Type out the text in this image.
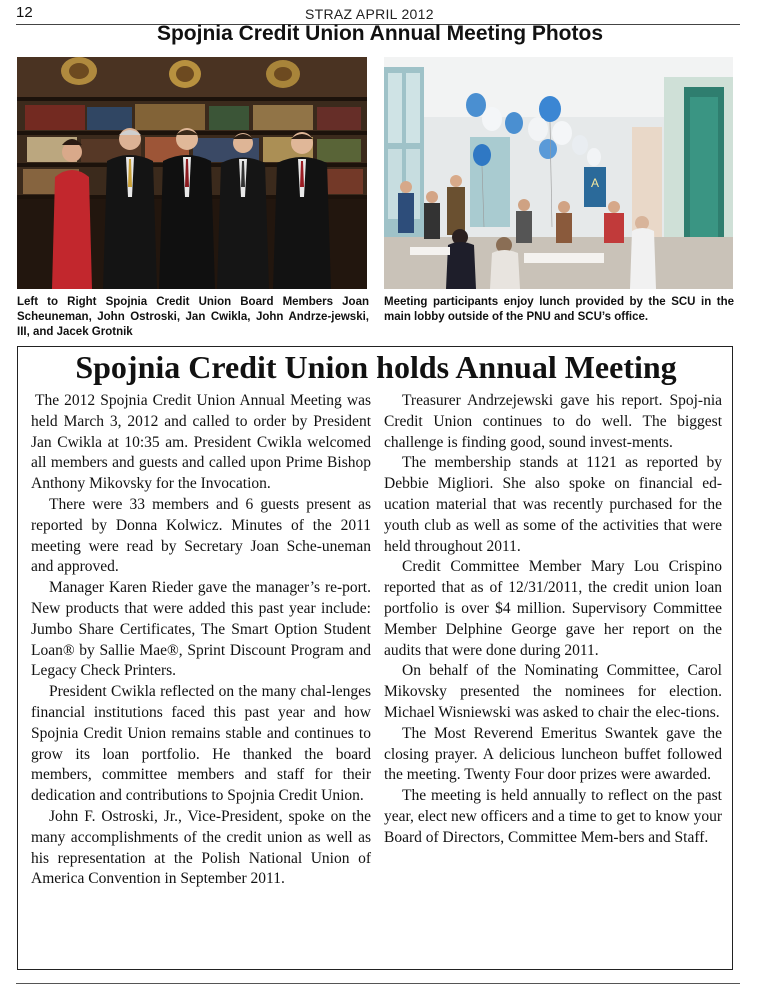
12	STRAZ APRIL 2012
Spojnia Credit Union Annual Meeting Photos
A
Left to Right Spojnia Credit Union Board Members Joan Scheuneman, John Ostroski, Jan Cwikla, John Andrze-jewski, III, and Jacek Grotnik
Meeting participants enjoy lunch provided by the SCU in the main lobby outside of the PNU and SCU’s office.
Spojnia Credit Union holds Annual Meeting

The 2012 Spojnia Credit Union Annual Meeting was held March 3, 2012 and called to order by President Jan Cwikla at 10:35 am. President Cwikla welcomed all members and guests and called upon Prime Bishop Anthony Mikovsky for the Invocation.

There were 33 members and 6 guests present as reported by Donna Kolwicz. Minutes of the 2011 meeting were read by Secretary Joan Sche-uneman and approved.

Manager Karen Rieder gave the manager’s re-port. New products that were added this past year include: Jumbo Share Certificates, The Smart Option Student Loan® by Sallie Mae®, Sprint Discount Program and Legacy Check Printers.

President Cwikla reflected on the many chal-lenges financial institutions faced this past year and how Spojnia Credit Union remains stable and continues to grow its loan portfolio. He thanked the board members, committee members and staff for their dedication and contributions to Spojnia Credit Union.

John F. Ostroski, Jr., Vice-President, spoke on the many accomplishments of the credit union as well as his representation at the Polish National Union of America Convention in September 2011.

Treasurer Andrzejewski gave his report. Spoj-nia Credit Union continues to do well. The biggest challenge is finding good, sound invest-ments.

The membership stands at 1121 as reported by Debbie Migliori. She also spoke on financial ed-ucation material that was recently purchased for the youth club as well as some of the activities that were held throughout 2011.

Credit Committee Member Mary Lou Crispino reported that as of 12/31/2011, the credit union loan portfolio is over $4 million. Supervisory Committee Member Delphine George gave her report on the audits that were done during 2011.

On behalf of the Nominating Committee, Carol Mikovsky presented the nominees for election. Michael Wisniewski was asked to chair the elec-tions.

The Most Reverend Emeritus Swantek gave the closing prayer. A delicious luncheon buffet followed the meeting. Twenty Four door prizes were awarded.

The meeting is held annually to reflect on the past year, elect new officers and a time to get to know your Board of Directors, Committee Mem-bers and Staff.
